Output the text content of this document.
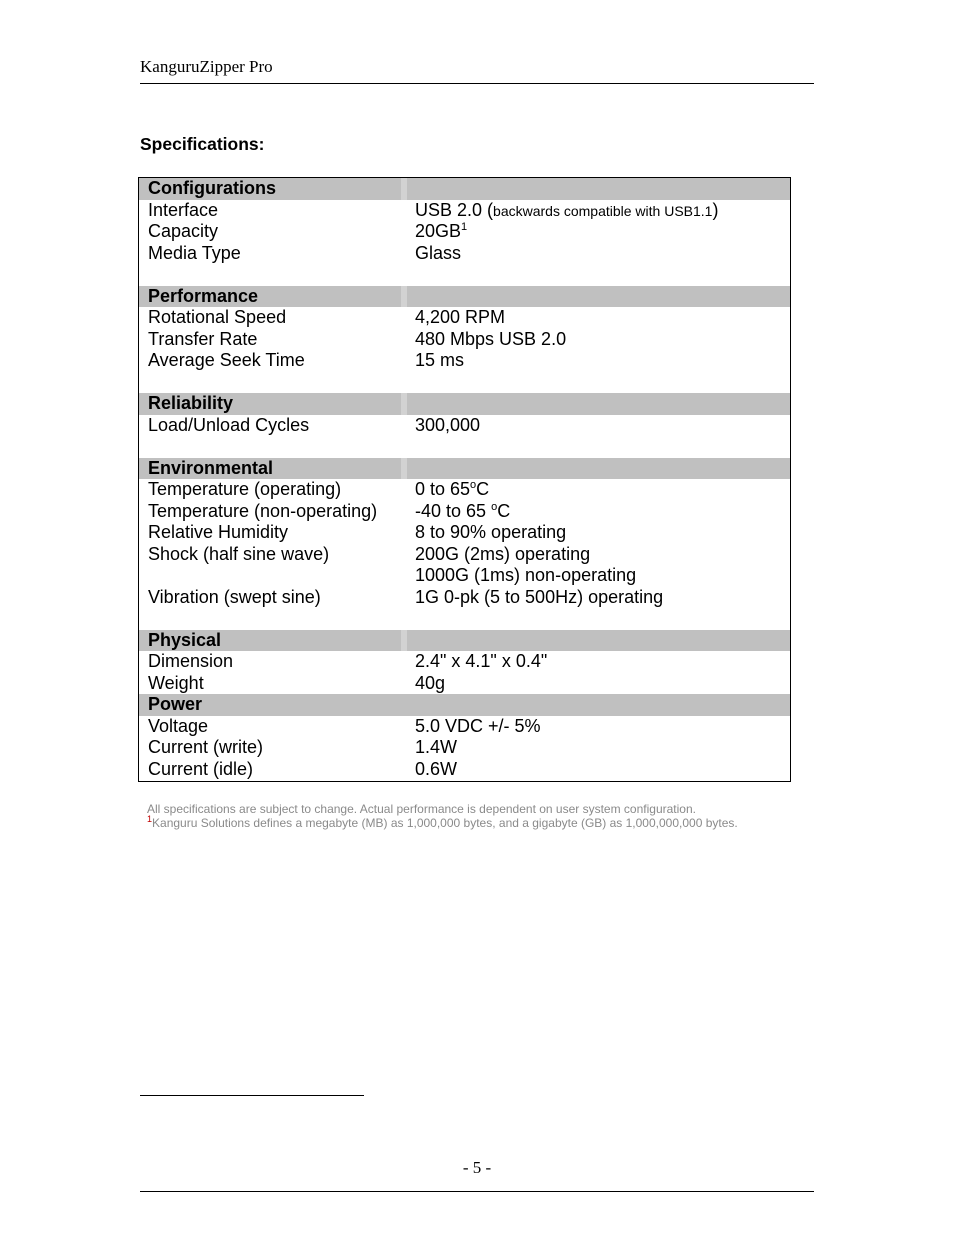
KanguruZipper Pro
Specifications:
Configurations
Interface	USB 2.0 (backwards compatible with USB1.1)
Capacity	$20GB^1$
Media Type	Glass
Performance
Rotational Speed	4,200 RPM
Transfer Rate	480 Mbps USB 2.0
Average Seek Time	15 ms
Reliability
Load/Unload Cycles	300,000
Environmental
Temperature (operating)	0 to 65$^o$C
Temperature (non-operating) -40 to 65 $^o$C
Relative Humidity	8 to 90% operating
Shock (half sine wave)	200G (2ms) operating
1000G (1ms) non-operating
Vibration (swept sine)	1G 0-pk (5 to 500Hz) operating
Physical
Dimension	2.4" x 4.1" x 0.4"
Weight	40g
Power
Voltage	5.0 VDC +/- 5%
Current (write)	1.4W
Current (idle)	0.6W
All specifications are subject to change. Actual performance is dependent on user system configuration.
$^1$Kanguru Solutions defines a megabyte (MB) as 1,000,000 bytes, and a gigabyte (GB) as 1,000,000,000 bytes.
- 5 -
